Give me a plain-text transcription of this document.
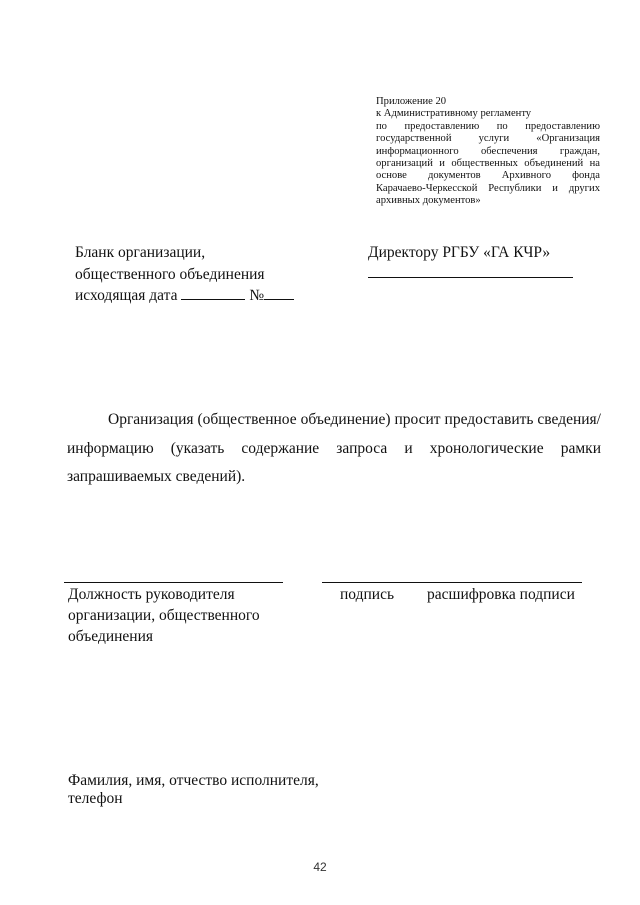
Приложение 20
к Административному регламенту
по предоставлению по предоставлению
государственной услуги «Организация
информационного обеспечения граждан,
организаций и общественных объединений на
основе документов Архивного фонда
Карачаево-Черкесской Республики и других
архивных документов»
Бланк организации,
общественного объединения
исходящая дата	№
Директору РГБУ «ГА КЧР»
Организация (общественное объединение) просит предоставить сведения/информацию (указать содержание запроса и хронологические рамки запрашиваемых сведений).
Должность руководителя
организации, общественного
объединения
подпись расшифровка подписи
Фамилия, имя, отчество исполнителя,
телефон
42
